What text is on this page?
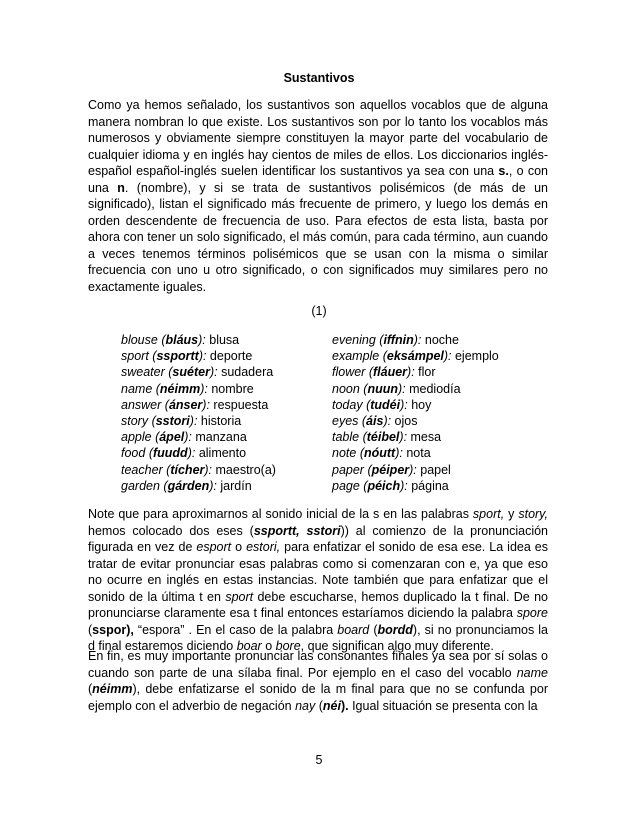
Sustantivos

Como ya hemos señalado, los sustantivos son aquellos vocablos que de alguna manera nombran lo que existe. Los sustantivos son por lo tanto los vocablos más numerosos y obviamente siempre constituyen la mayor parte del vocabulario de cualquier idioma y en inglés hay cientos de miles de ellos. Los diccionarios inglés-español español-inglés suelen identificar los sustantivos ya sea con una s., o con una n. (nombre), y si se trata de sustantivos polisémicos (de más de un significado), listan el significado más frecuente de primero, y luego los demás en orden descendente de frecuencia de uso. Para efectos de esta lista, basta por ahora con tener un solo significado, el más común, para cada término, aun cuando a veces tenemos términos polisémicos que se usan con la misma o similar frecuencia con uno u otro significado, o con significados muy similares pero no exactamente iguales.

(1)
blouse (bláus): blusa
sport (ssportt): deporte
sweater (suéter): sudadera
name (néimm): nombre
answer (ánser): respuesta
story (sstori): historia
apple (ápel): manzana
food (fuudd): alimento
teacher (tícher): maestro(a)
garden (gárden): jardín
evening (iffnin): noche
example (eksámpel): ejemplo
flower (fláuer): flor
noon (nuun): mediodía
today (tudéi): hoy
eyes (áis): ojos
table (téibel): mesa
note (nóutt): nota
paper (péiper): papel
page (péich): página

Note que para aproximarnos al sonido inicial de la s en las palabras sport, y story, hemos colocado dos eses (ssportt, sstori)) al comienzo de la pronunciación figurada en vez de esport o estori, para enfatizar el sonido de esa ese. La idea es tratar de evitar pronunciar esas palabras como si comenzaran con e, ya que eso no ocurre en inglés en estas instancias. Note también que para enfatizar que el sonido de la última t en sport debe escucharse, hemos duplicado la t final. De no pronunciarse claramente esa t final entonces estaríamos diciendo la palabra spore (sspor), “espora” . En el caso de la palabra board (bordd), si no pronunciamos la d final estaremos diciendo boar o bore, que significan algo muy diferente.

En fin, es muy importante pronunciar las consonantes finales ya sea por sí solas o cuando son parte de una sílaba final. Por ejemplo en el caso del vocablo name (néimm), debe enfatizarse el sonido de la m final para que no se confunda por ejemplo con el adverbio de negación nay (néi). Igual situación se presenta con la

5
